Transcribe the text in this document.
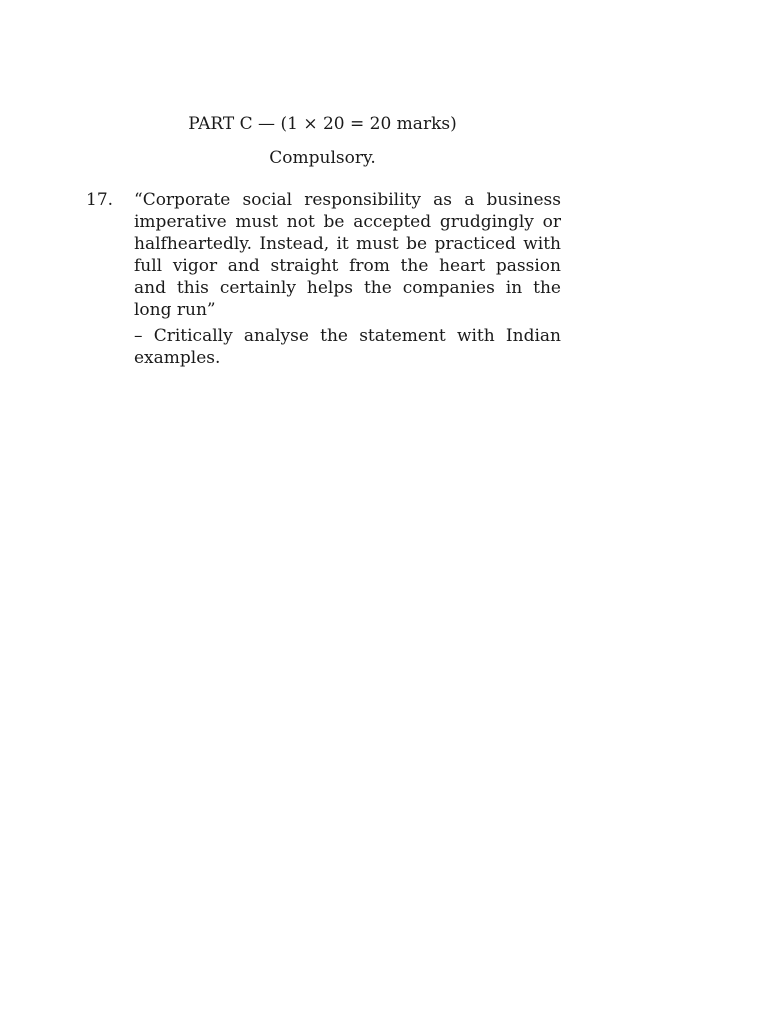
PART C — (1 × 20 = 20 marks)
Compulsory.
17. “Corporate social responsibility as a business imperative must not be accepted grudgingly or halfheartedly. Instead, it must be practiced with full vigor and straight from the heart passion and this certainly helps the companies in the long run”
– Critically analyse the statement with Indian examples.
